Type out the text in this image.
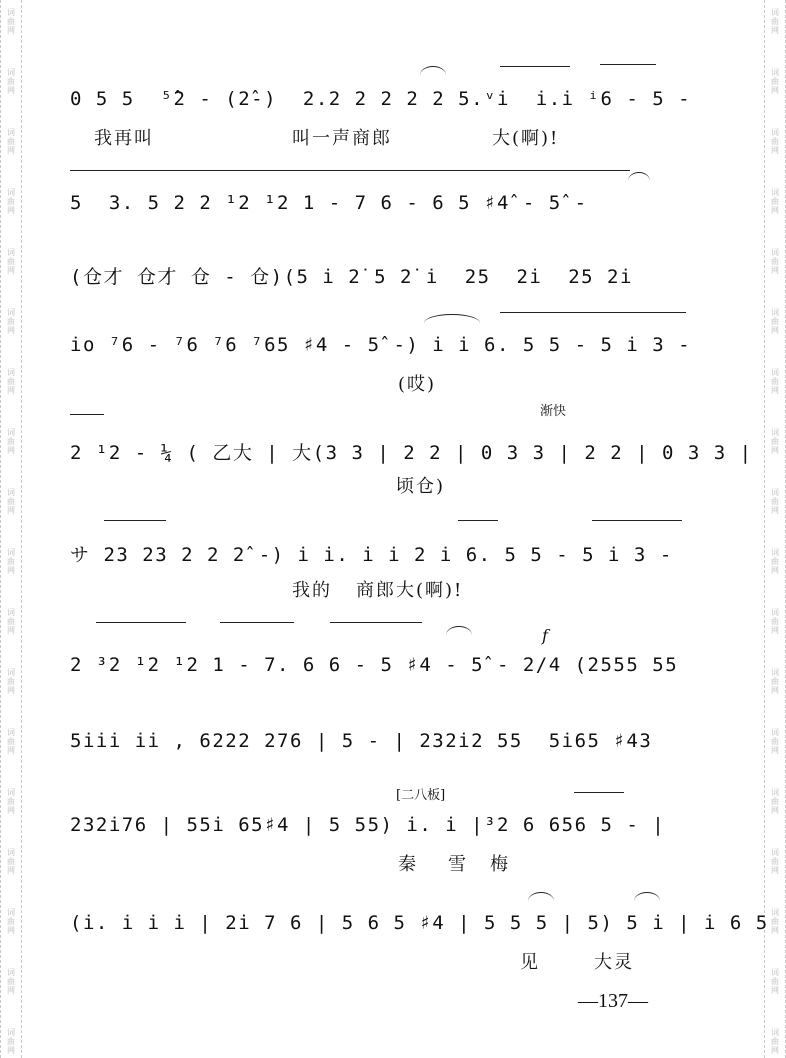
词
曲
网
词
曲
网
词
曲
网
词
曲
网
词
曲
网
词
曲
网
词
曲
网
词
曲
网
词
曲
网
词
曲
网
词
曲
网
词
曲
网
词
曲
网
词
曲
网
词
曲
网
词
曲
网
词
曲
网
词
曲
网
词
曲
网
词
曲
网
词
曲
网
词
曲
网
词
曲
网
词
曲
网
词
曲
网
词
曲
网
词
曲
网
词
曲
网
词
曲
网
词
曲
网
词
曲
网
词
曲
网
词
曲
网
词
曲
网
词
曲
网
词
曲
网
0 5 5  ⁵̂2 - (2̂-)  2.2 2 2 2 2 5.ᵛi̇  i̇.i̇ ⁱ6 - 5 -
我再叫	叫一声商郎	大(啊)!
5  3. 5 2 2 ¹2 ¹2 1 - 7 6 - 6 5 ♯4̂ - 5̂ -
(仓才 仓才 仓 - 仓)(5 i̇ 2̇ 5 2̇ i̇  25  2i̇  25 2i̇
i̇o ⁷6 - ⁷6 ⁷6 ⁷65 ♯4 - 5̂ -) i̇ i̇ 6. 5 5 - 5 i̇ 3 -
(哎)
渐快
2 ¹2 - ¼ ( 乙大 | 大(3 3 | 2 2 | 0 3 3 | 2 2 | 0 3 3 |
顷仓)
サ 23 23 2 2 2̂ -) i̇ i̇. i̇ i̇ 2 i̇ 6. 5 5 - 5 i̇ 3 -
我的 商郎大(啊)!
f
2 ³2 ¹2 ¹2 1 - 7. 6 6 - 5 ♯4 - 5̂ - 2/4 (2555 55
5i̇i̇i̇ i̇i̇ , 6222 276 | 5 - | 232i̇2 55  5i̇65 ♯43
[二八板]
232i̇76 | 55i̇ 65♯4 | 5 55) i̇. i̇ |³2 6 656 5 - |
秦 雪 梅
(i̇. i̇ i̇ i̇ | 2i̇ 7 6 | 5 6 5 ♯4 | 5 5 5 | 5) 5 i̇ | i̇ 6 5
见	大灵
—137—
